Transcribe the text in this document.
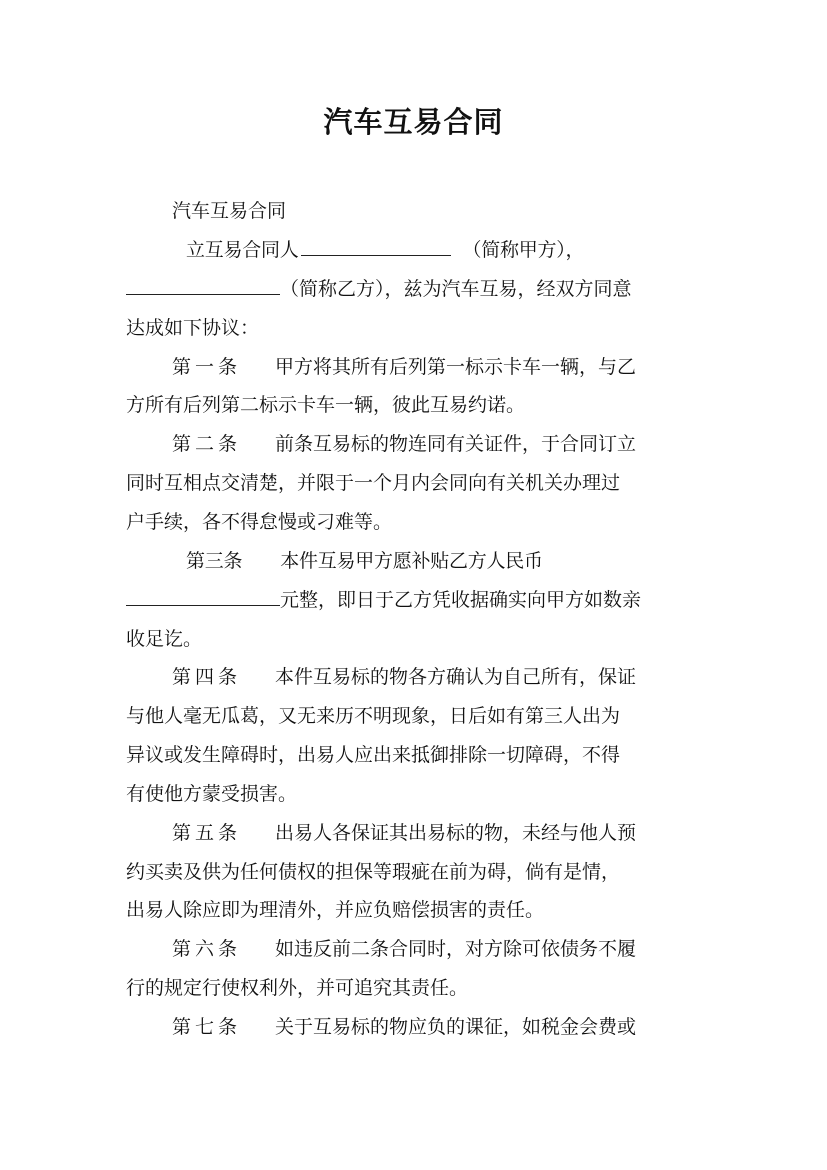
汽车互易合同
汽车互易合同
立互易合同人	（简称甲方），
（简称乙方），兹为汽车互易，经双方同意
达成如下协议：
第一条 甲方将其所有后列第一标示卡车一辆，与乙
方所有后列第二标示卡车一辆，彼此互易约诺。
第二条 前条互易标的物连同有关证件，于合同订立
同时互相点交清楚，并限于一个月内会同向有关机关办理过
户手续，各不得怠慢或刁难等。
第三条 本件互易甲方愿补贴乙方人民币
元整，即日于乙方凭收据确实向甲方如数亲
收足讫。
第四条 本件互易标的物各方确认为自己所有，保证
与他人毫无瓜葛，又无来历不明现象，日后如有第三人出为
异议或发生障碍时，出易人应出来抵御排除一切障碍，不得
有使他方蒙受损害。
第五条 出易人各保证其出易标的物，未经与他人预
约买卖及供为任何债权的担保等瑕疵在前为碍，倘有是情，
出易人除应即为理清外，并应负赔偿损害的责任。
第六条 如违反前二条合同时，对方除可依债务不履
行的规定行使权利外，并可追究其责任。
第七条 关于互易标的物应负的课征，如税金会费或
